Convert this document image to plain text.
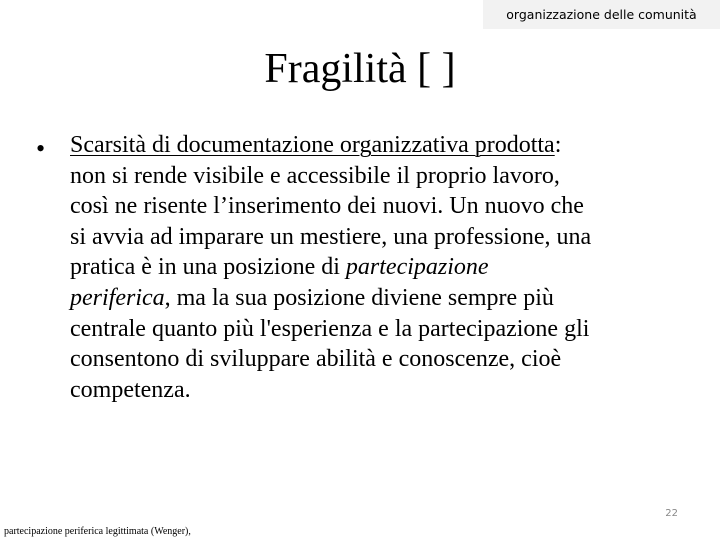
organizzazione delle comunità
Fragilità [ ]
• Scarsità di documentazione organizzativa prodotta:
non si rende visibile e accessibile il proprio lavoro,
così ne risente l’inserimento dei nuovi. Un nuovo che
si avvia ad imparare un mestiere, una professione, una
pratica è in una posizione di partecipazione
periferica, ma la sua posizione diviene sempre più
centrale quanto più l'esperienza e la partecipazione gli
consentono di sviluppare abilità e conoscenze, cioè
competenza.

22
partecipazione periferica legittimata (Wenger),
